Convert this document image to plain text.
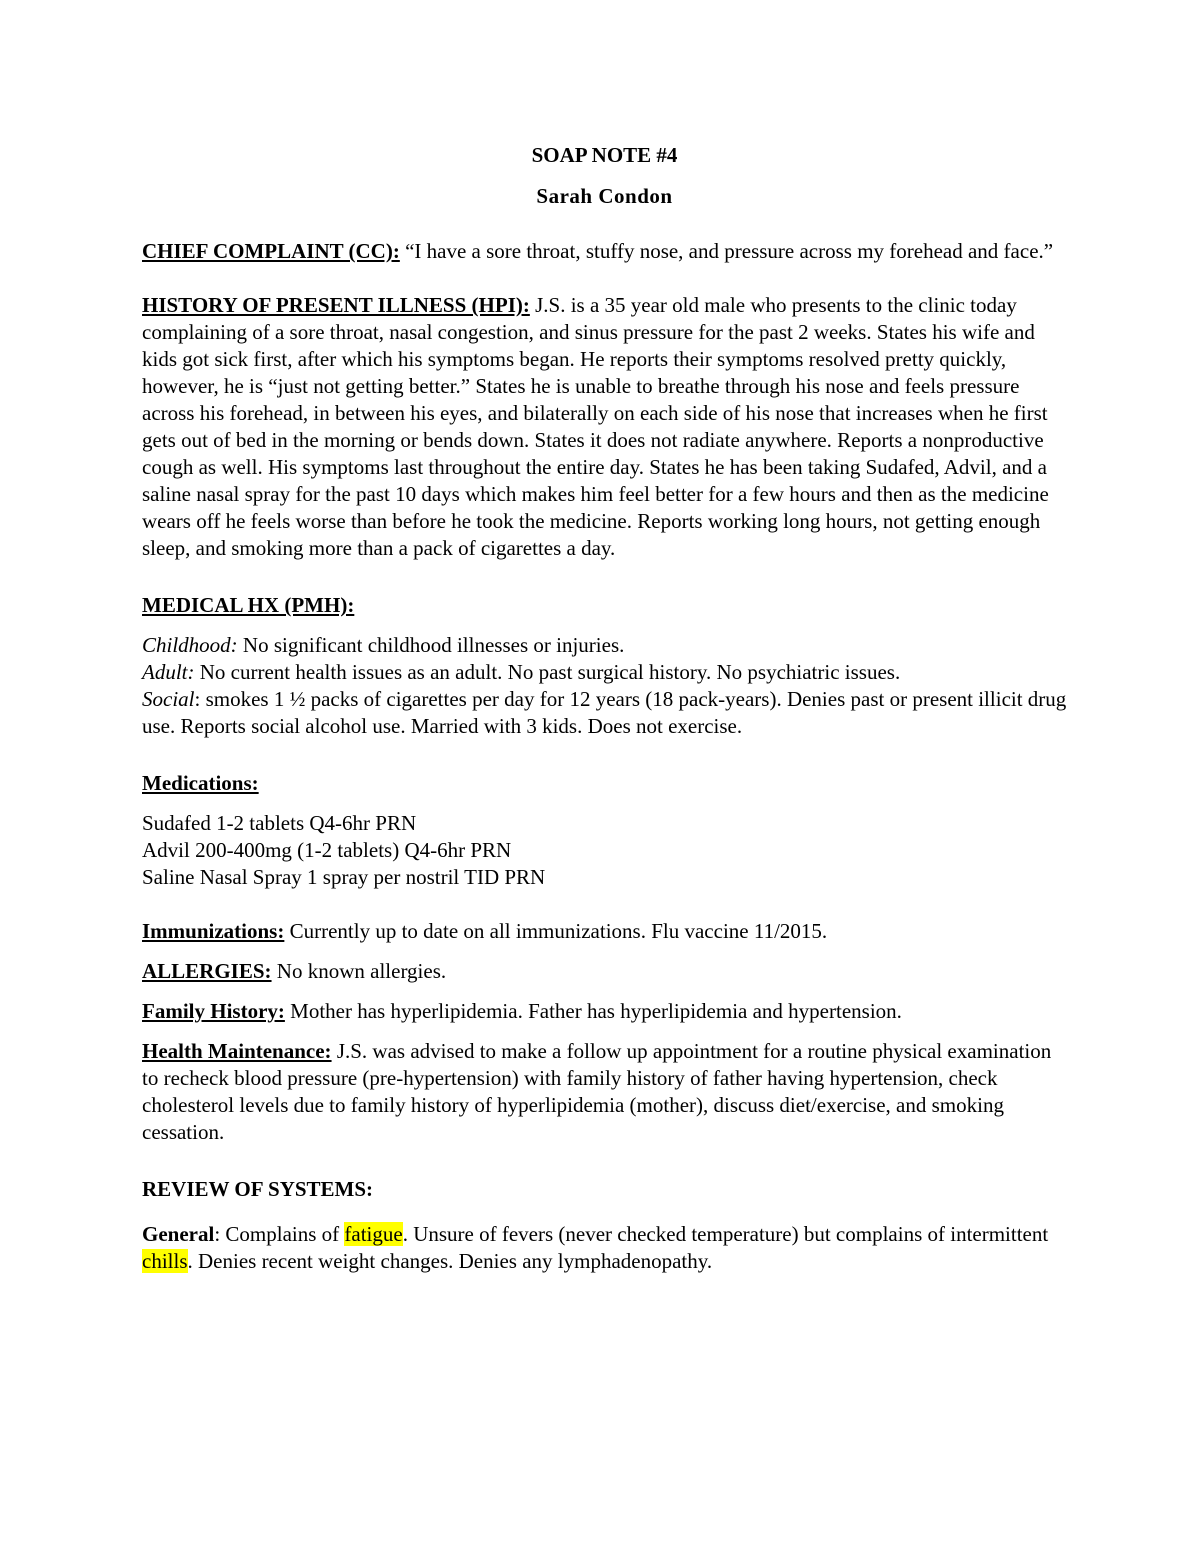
SOAP NOTE #4

Sarah Condon

CHIEF COMPLAINT (CC): “I have a sore throat, stuffy nose, and pressure across my forehead and face.”

HISTORY OF PRESENT ILLNESS (HPI): J.S. is a 35 year old male who presents to the clinic today complaining of a sore throat, nasal congestion, and sinus pressure for the past 2 weeks. States his wife and kids got sick first, after which his symptoms began. He reports their symptoms resolved pretty quickly, however, he is “just not getting better.” States he is unable to breathe through his nose and feels pressure across his forehead, in between his eyes, and bilaterally on each side of his nose that increases when he first gets out of bed in the morning or bends down. States it does not radiate anywhere. Reports a nonproductive cough as well. His symptoms last throughout the entire day. States he has been taking Sudafed, Advil, and a saline nasal spray for the past 10 days which makes him feel better for a few hours and then as the medicine wears off he feels worse than before he took the medicine. Reports working long hours, not getting enough sleep, and smoking more than a pack of cigarettes a day.

MEDICAL HX (PMH):

Childhood: No significant childhood illnesses or injuries.

Adult: No current health issues as an adult. No past surgical history. No psychiatric issues.

Social: smokes 1 ½ packs of cigarettes per day for 12 years (18 pack-years). Denies past or present illicit drug use. Reports social alcohol use. Married with 3 kids. Does not exercise.

Medications:

Sudafed 1-2 tablets Q4-6hr PRN

Advil 200-400mg (1-2 tablets) Q4-6hr PRN

Saline Nasal Spray 1 spray per nostril TID PRN

Immunizations: Currently up to date on all immunizations. Flu vaccine 11/2015.

ALLERGIES: No known allergies.

Family History: Mother has hyperlipidemia. Father has hyperlipidemia and hypertension.

Health Maintenance: J.S. was advised to make a follow up appointment for a routine physical examination to recheck blood pressure (pre-hypertension) with family history of father having hypertension, check cholesterol levels due to family history of hyperlipidemia (mother), discuss diet/exercise, and smoking cessation.

REVIEW OF SYSTEMS:

General: Complains of fatigue. Unsure of fevers (never checked temperature) but complains of intermittent chills. Denies recent weight changes. Denies any lymphadenopathy.
